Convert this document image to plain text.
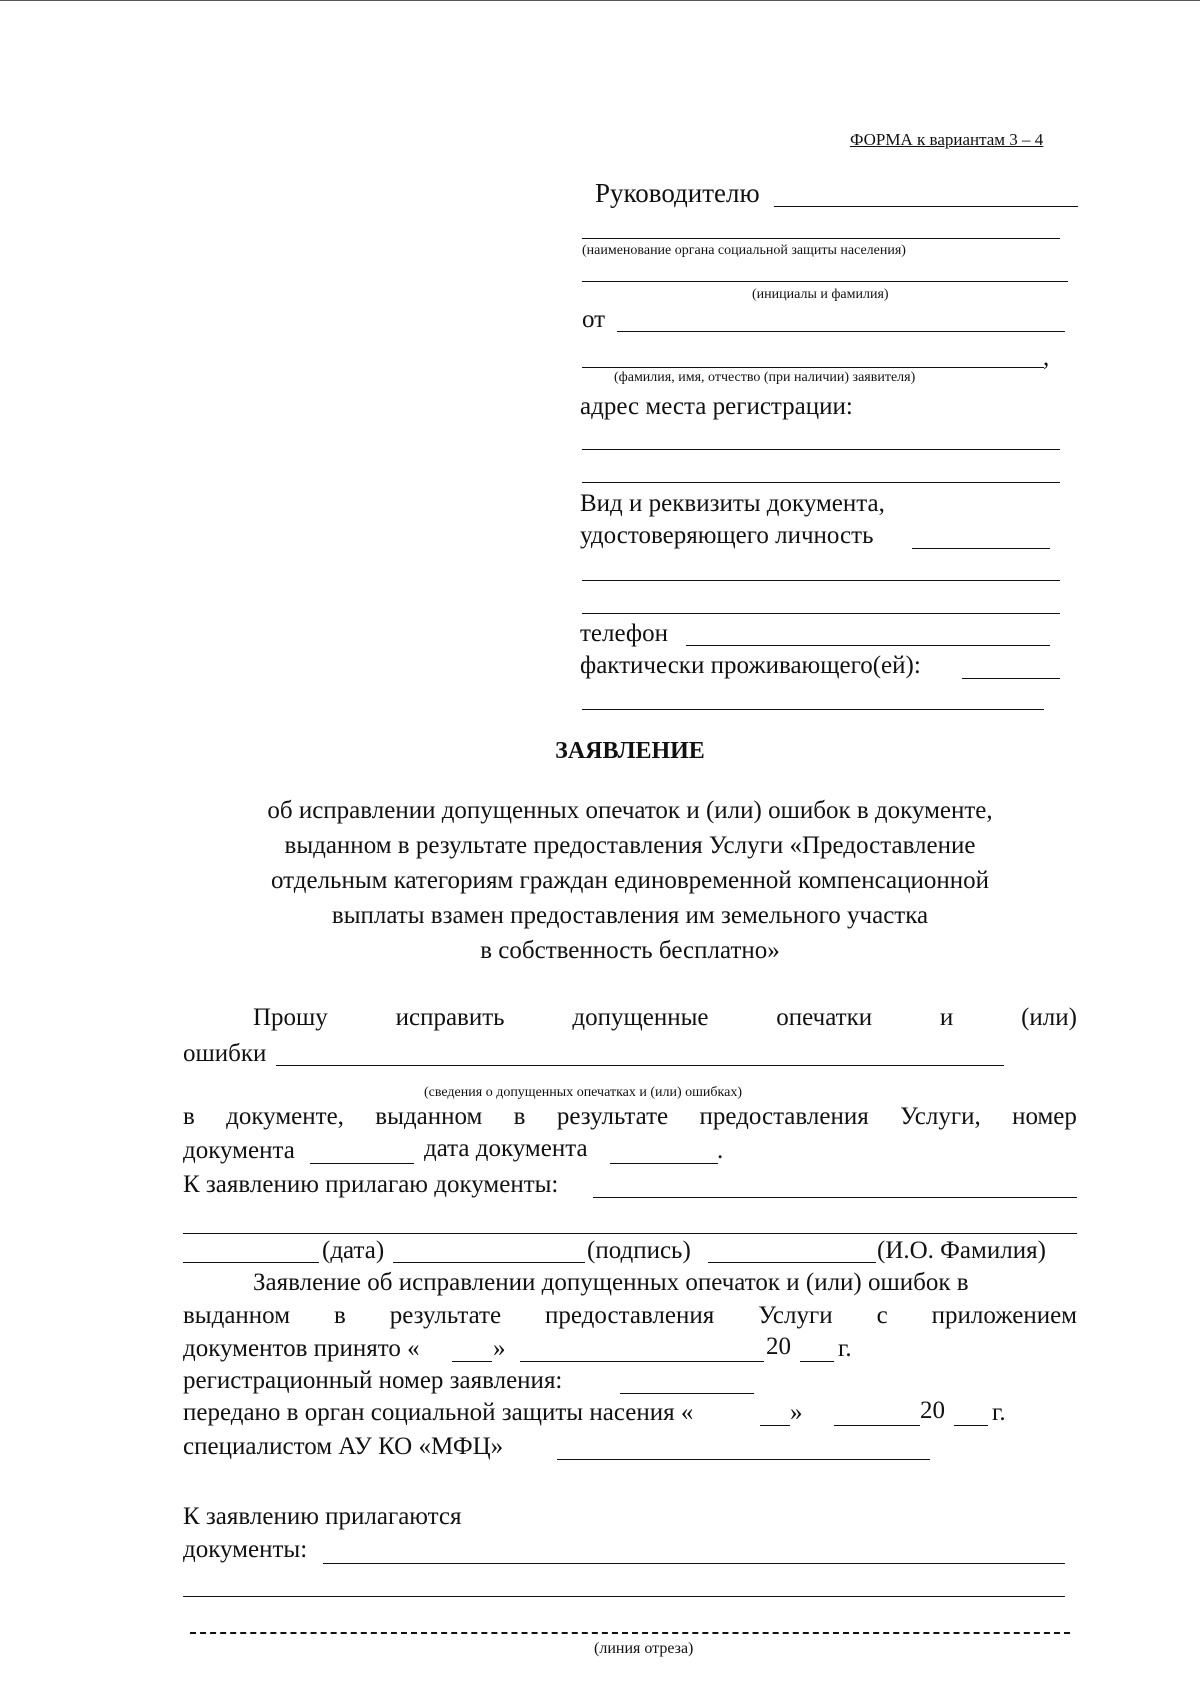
ФОРМА к вариантам 3 – 4
Руководителю
(наименование органа социальной защиты населения)
(инициалы и фамилия)
от
,
(фамилия, имя, отчество (при наличии) заявителя)
адрес места регистрации:
Вид и реквизиты документа,
удостоверяющего личность
телефон
фактически проживающего(ей):
ЗАЯВЛЕНИЕ
об исправлении допущенных опечаток и (или) ошибок в документе,
выданном в результате предоставления Услуги «Предоставление
отдельным категориям граждан единовременной компенсационной
выплаты взамен предоставления им земельного участка
в собственность бесплатно»
Прошу	исправить	допущенные	опечатки	и	(или)
ошибки
(сведения о допущенных опечатках и (или) ошибках)
в документе, выданном в результате предоставления Услуги, номер
документа	дата документа	.
К заявлению прилагаю документы:
(дата)	(подпись)	(И.О. Фамилия)
Заявление об исправлении допущенных опечаток и (или) ошибок в
выданном в результате предоставления Услуги с приложением
документов принято «	»	20 г.
регистрационный номер заявления:
передано в орган социальной защиты насения «	»	20 г.
специалистом АУ КО «МФЦ»
К заявлению прилагаются
документы:
(линия отреза)
